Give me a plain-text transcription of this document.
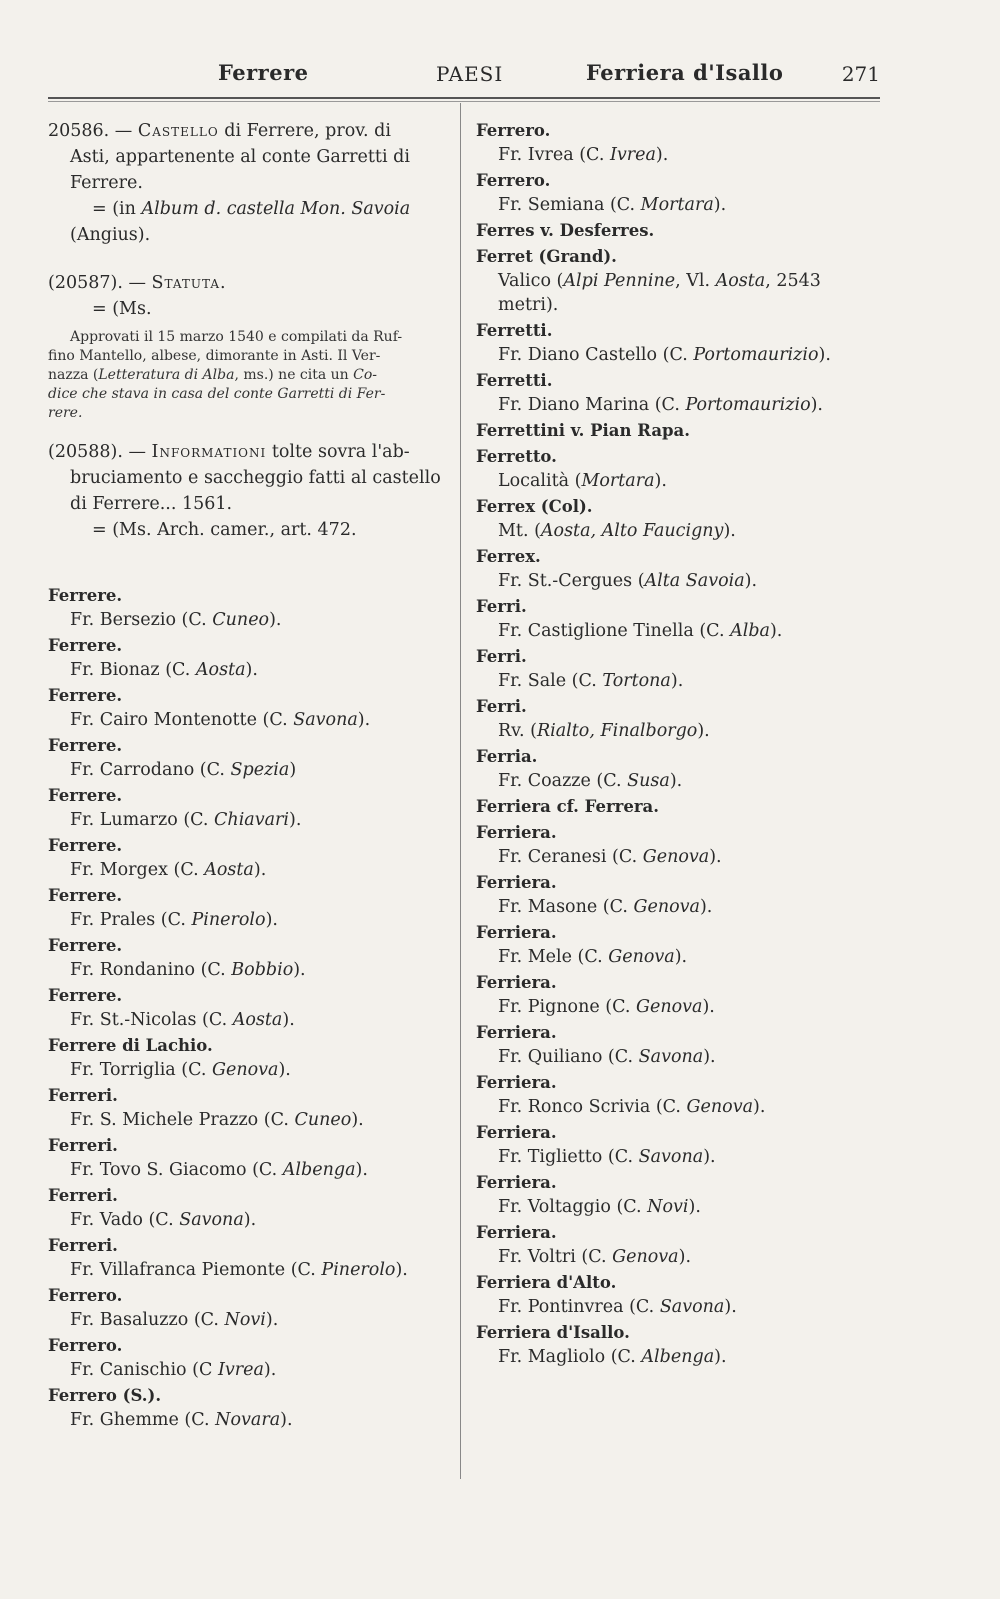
Ferrere	PAESI	Ferriera d'Isallo	271
20586. — Castello di Ferrere, prov. di
Asti, appartenente al conte Garretti di
Ferrere.
= (in Album d. castella Mon. Savoia
(Angius).
(20587). — Statuta.
= (Ms.
Approvati il 15 marzo 1540 e compilati da Ruf-
fino Mantello, albese, dimorante in Asti. Il Ver-
nazza (Letteratura di Alba, ms.) ne cita un Co-
dice che stava in casa del conte Garretti di Fer-
rere.
(20588). — Informationi tolte sovra l'ab-
bruciamento e saccheggio fatti al castello
di Ferrere... 1561.
= (Ms. Arch. camer., art. 472.
Ferrere.
Fr. Bersezio (C. Cuneo).
Ferrere.
Fr. Bionaz (C. Aosta).
Ferrere.
Fr. Cairo Montenotte (C. Savona).
Ferrere.
Fr. Carrodano (C. Spezia)
Ferrere.
Fr. Lumarzo (C. Chiavari).
Ferrere.
Fr. Morgex (C. Aosta).
Ferrere.
Fr. Prales (C. Pinerolo).
Ferrere.
Fr. Rondanino (C. Bobbio).
Ferrere.
Fr. St.-Nicolas (C. Aosta).
Ferrere di Lachio.
Fr. Torriglia (C. Genova).
Ferreri.
Fr. S. Michele Prazzo (C. Cuneo).
Ferreri.
Fr. Tovo S. Giacomo (C. Albenga).
Ferreri.
Fr. Vado (C. Savona).
Ferreri.
Fr. Villafranca Piemonte (C. Pinerolo).
Ferrero.
Fr. Basaluzzo (C. Novi).
Ferrero.
Fr. Canischio (C Ivrea).
Ferrero (S.).
Fr. Ghemme (C. Novara).
Ferrero.
Fr. Ivrea (C. Ivrea).
Ferrero.
Fr. Semiana (C. Mortara).
Ferres v. Desferres.
Ferret (Grand).
Valico (Alpi Pennine, Vl. Aosta, 2543
metri).
Ferretti.
Fr. Diano Castello (C. Portomaurizio).
Ferretti.
Fr. Diano Marina (C. Portomaurizio).
Ferrettini v. Pian Rapa.
Ferretto.
Località (Mortara).
Ferrex (Col).
Mt. (Aosta, Alto Faucigny).
Ferrex.
Fr. St.-Cergues (Alta Savoia).
Ferri.
Fr. Castiglione Tinella (C. Alba).
Ferri.
Fr. Sale (C. Tortona).
Ferri.
Rv. (Rialto, Finalborgo).
Ferria.
Fr. Coazze (C. Susa).
Ferriera cf. Ferrera.
Ferriera.
Fr. Ceranesi (C. Genova).
Ferriera.
Fr. Masone (C. Genova).
Ferriera.
Fr. Mele (C. Genova).
Ferriera.
Fr. Pignone (C. Genova).
Ferriera.
Fr. Quiliano (C. Savona).
Ferriera.
Fr. Ronco Scrivia (C. Genova).
Ferriera.
Fr. Tiglietto (C. Savona).
Ferriera.
Fr. Voltaggio (C. Novi).
Ferriera.
Fr. Voltri (C. Genova).
Ferriera d'Alto.
Fr. Pontinvrea (C. Savona).
Ferriera d'Isallo.
Fr. Magliolo (C. Albenga).
